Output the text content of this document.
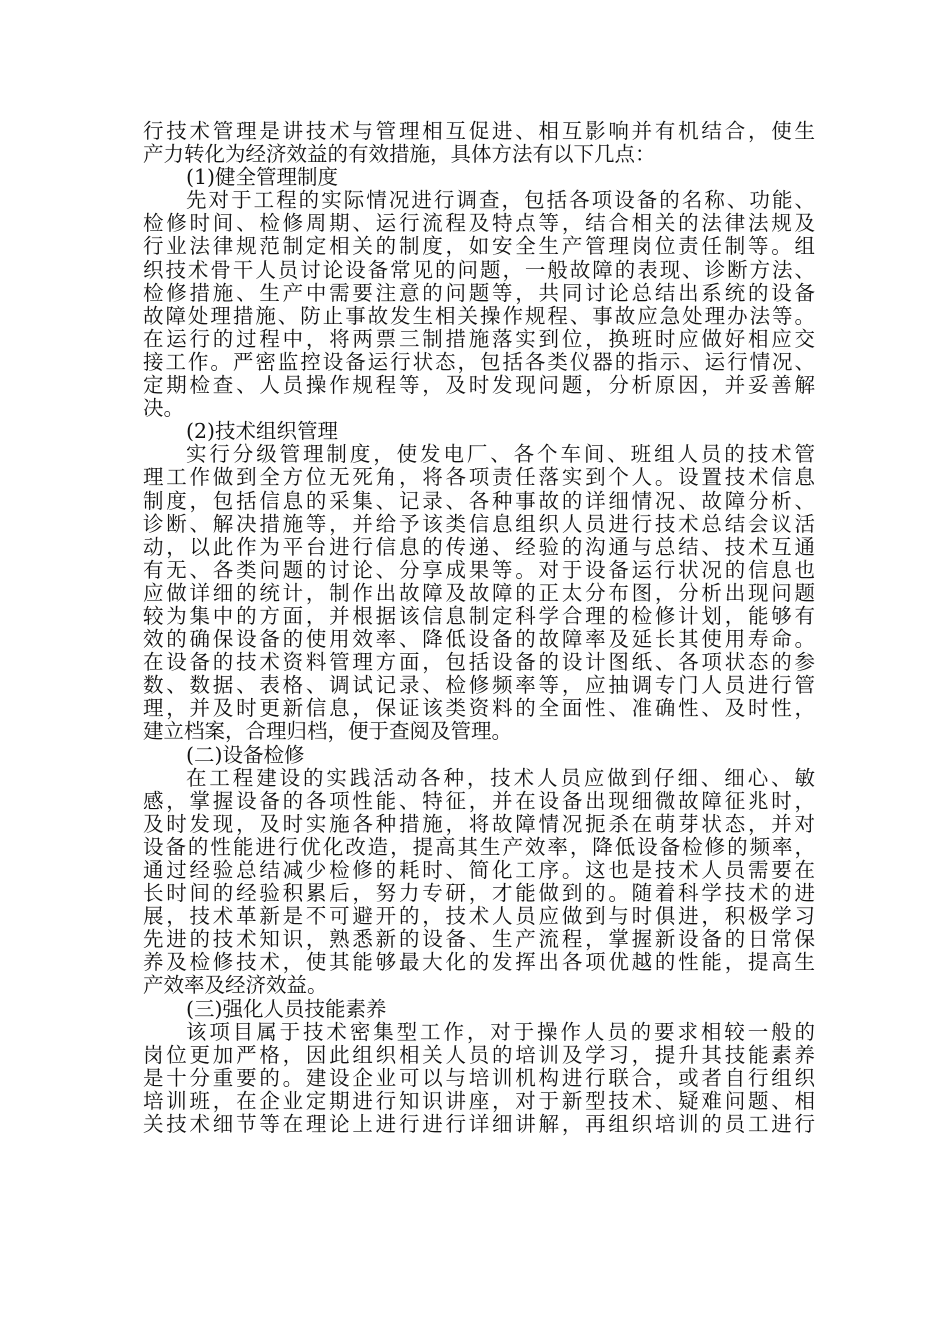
行技术管理是讲技术与管理相互促进、相互影响并有机结合，使生
产力转化为经济效益的有效措施，具体方法有以下几点：
(1)健全管理制度
先对于工程的实际情况进行调查，包括各项设备的名称、功能、
检修时间、检修周期、运行流程及特点等，结合相关的法律法规及
行业法律规范制定相关的制度，如安全生产管理岗位责任制等。组
织技术骨干人员讨论设备常见的问题，一般故障的表现、诊断方法、
检修措施、生产中需要注意的问题等，共同讨论总结出系统的设备
故障处理措施、防止事故发生相关操作规程、事故应急处理办法等。
在运行的过程中，将两票三制措施落实到位，换班时应做好相应交
接工作。严密监控设备运行状态，包括各类仪器的指示、运行情况、
定期检查、人员操作规程等，及时发现问题，分析原因，并妥善解
决。
(2)技术组织管理
实行分级管理制度，使发电厂、各个车间、班组人员的技术管
理工作做到全方位无死角，将各项责任落实到个人。设置技术信息
制度，包括信息的采集、记录、各种事故的详细情况、故障分析、
诊断、解决措施等，并给予该类信息组织人员进行技术总结会议活
动，以此作为平台进行信息的传递、经验的沟通与总结、技术互通
有无、各类问题的讨论、分享成果等。对于设备运行状况的信息也
应做详细的统计，制作出故障及故障的正太分布图，分析出现问题
较为集中的方面，并根据该信息制定科学合理的检修计划，能够有
效的确保设备的使用效率、降低设备的故障率及延长其使用寿命。
在设备的技术资料管理方面，包括设备的设计图纸、各项状态的参
数、数据、表格、调试记录、检修频率等，应抽调专门人员进行管
理，并及时更新信息，保证该类资料的全面性、准确性、及时性，
建立档案，合理归档，便于查阅及管理。
(二)设备检修
在工程建设的实践活动各种，技术人员应做到仔细、细心、敏
感，掌握设备的各项性能、特征，并在设备出现细微故障征兆时，
及时发现，及时实施各种措施，将故障情况扼杀在萌芽状态，并对
设备的性能进行优化改造，提高其生产效率，降低设备检修的频率，
通过经验总结减少检修的耗时、简化工序。这也是技术人员需要在
长时间的经验积累后，努力专研，才能做到的。随着科学技术的进
展，技术革新是不可避开的，技术人员应做到与时俱进，积极学习
先进的技术知识，熟悉新的设备、生产流程，掌握新设备的日常保
养及检修技术，使其能够最大化的发挥出各项优越的性能，提高生
产效率及经济效益。
(三)强化人员技能素养
该项目属于技术密集型工作，对于操作人员的要求相较一般的
岗位更加严格，因此组织相关人员的培训及学习，提升其技能素养
是十分重要的。建设企业可以与培训机构进行联合，或者自行组织
培训班，在企业定期进行知识讲座，对于新型技术、疑难问题、相
关技术细节等在理论上进行进行详细讲解，再组织培训的员工进行
